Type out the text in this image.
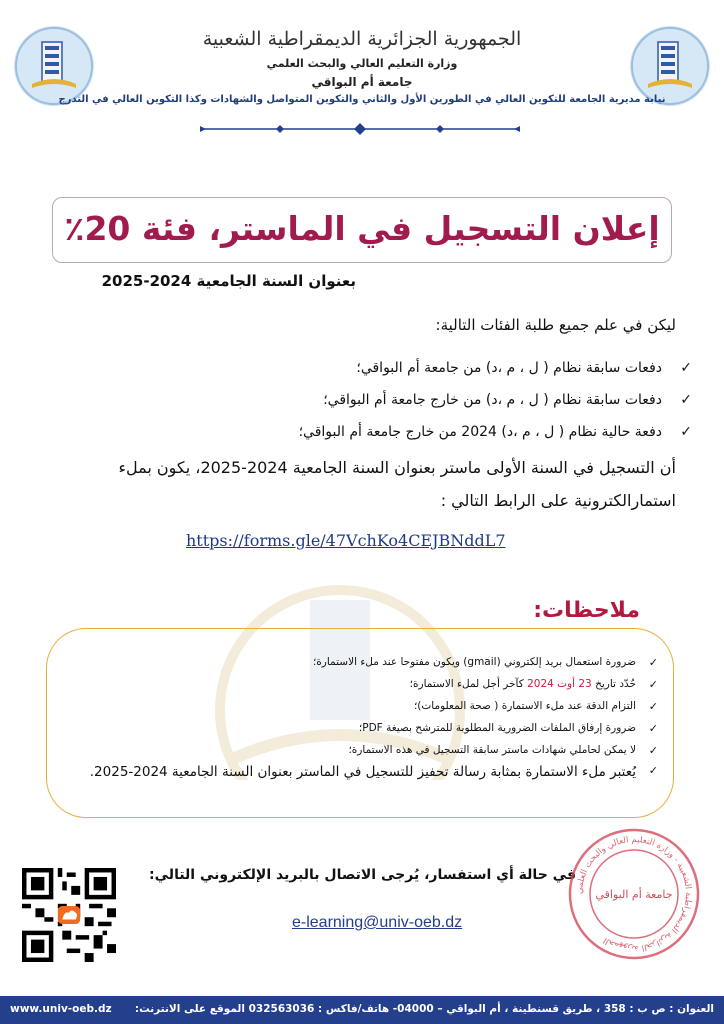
الجمهورية الجزائرية الديمقراطية الشعبية
وزارة التعليم العالي والبحث العلمي
جامعة أم البواقي
نيابة مديرية الجامعة للتكوين العالي في الطورين الأول والثاني والتكوين المتواصل والشهادات وكذا التكوين العالي في التدرج
إعلان التسجيل في الماستر، فئة 20٪
بعنوان السنة الجامعية 2024-2025
ليكن في علم جميع طلبة الفئات التالية:
✓
دفعات سابقة نظام ( ل ، م ،د) من جامعة أم البواقي؛
✓
دفعات سابقة نظام ( ل ، م ،د) من خارج جامعة أم البواقي؛
✓
دفعة حالية نظام ( ل ، م ،د) 2024 من خارج جامعة أم البواقي؛
أن التسجيل في السنة الأولى ماستر بعنوان السنة الجامعية 2024-2025، يكون بملء
استمارالكترونية على الرابط التالي :
https://forms.gle/47VchKo4CEJBNddL7
ملاحظات:
✓
ضرورة استعمال بريد إلكتروني (gmail) ويكون مفتوحا عند ملء الاستمارة؛
✓
حُدّد تاريخ 23 أوت 2024 كآخر أجل لملء الاستمارة؛
✓
التزام الدقة عند ملء الاستمارة ( صحة المعلومات)؛
✓
ضرورة إرفاق الملفات الضرورية المطلوبة للمترشح بصيغة PDF؛
✓
لا يمكن لحاملي شهادات ماستر سابقة التسجيل في هذه الاستمارة؛
✓
يُعتبر ملء الاستمارة بمثابة رسالة تحفيز للتسجيل في الماستر بعنوان السنة الجامعية 2024-2025.
في حالة أي استفسار، يُرجى الاتصال بالبريد الإلكتروني التالي:
e-learning@univ-oeb.dz
الجمهورية الجزائرية الديمقراطية الشعبية - وزارة التعليم العالي والبحث العلمي
جامعة أم البواقي
www.univ-oeb.dz العنوان : ص ب : 358 ، طريق قسنطينة ، أم البواقي – 04000- هاتف/فاكس : 032563036 الموقع على الانترنت:
